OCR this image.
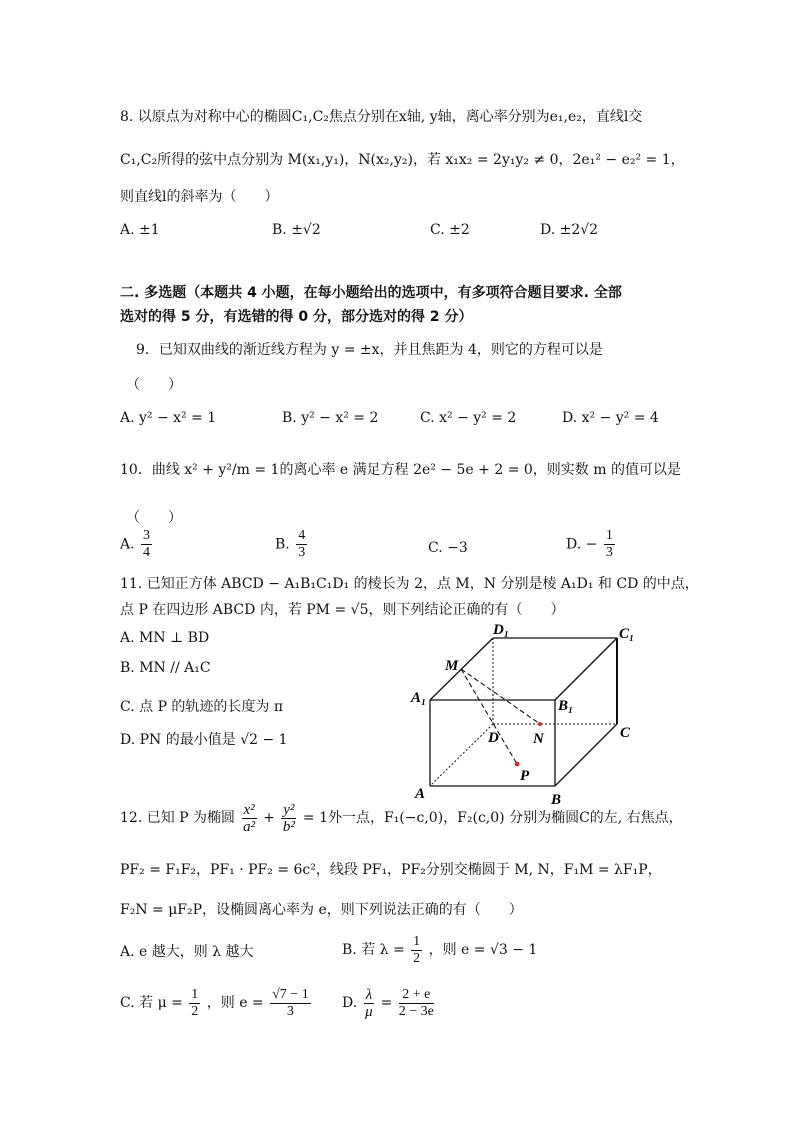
8. 以原点为对称中心的椭圆C₁,C₂焦点分别在x轴, y轴，离心率分别为e₁,e₂，直线l交
C₁,C₂所得的弦中点分别为 M(x₁,y₁)，N(x₂,y₂)，若 x₁x₂ = 2y₁y₂ ≠ 0，2e₁² − e₂² = 1，
则直线l的斜率为（　　）
A. ±1	B. ±√2	C. ±2	D. ±2√2
二. 多选题（本题共 4 小题，在每小题给出的选项中，有多项符合题目要求. 全部
选对的得 5 分，有选错的得 0 分，部分选对的得 2 分）
9．已知双曲线的渐近线方程为 y = ±x，并且焦距为 4，则它的方程可以是
（　　）
A. y² − x² = 1	B. y² − x² = 2	C. x² − y² = 2	D. x² − y² = 4
10．曲线 x² + y²/m = 1的离心率 e 满足方程 2e² − 5e + 2 = 0，则实数 m 的值可以是
（　　）
A. $\frac{3}{4}$	B. $\frac{4}{3}$	C. −3	D. − $\frac{1}{3}$
11. 已知正方体 ABCD − A₁B₁C₁D₁ 的棱长为 2，点 M，N 分别是棱 A₁D₁ 和 CD 的中点，
点 P 在四边形 ABCD 内，若 PM = √5，则下列结论正确的有（　　）
A. MN ⊥ BD
B. MN // A₁C
C. 点 P 的轨迹的长度为 π
D. PN 的最小值是 √2 − 1
D₁	C₁
M
A₁	B₁
D N	C
P
A	B
12. 已知 P 为椭圆 $\frac{\text{x²}}{\text{a²}} + \frac{\text{y²}}{\text{b²}} = 1$外一点，F₁(−c,0)，F₂(c,0) 分别为椭圆C的左, 右焦点，
PF₂ = F₁F₂，PF₁ · PF₂ = 6c²，线段 PF₁，PF₂分别交椭圆于 M, N，F₁M = λF₁P，
F₂N = μF₂P，设椭圆离心率为 e，则下列说法正确的有（　　）
A. e 越大，则 λ 越大	B. 若 $\lambda = \frac{1}{2}$ ，则 e = √3 − 1
C. 若 $\mu = \frac{1}{2}$ ，则 $e = \frac{√7 - 1}{3} D$. $\frac{\lambda}{\mu} = \frac{2 + e}{2 - 3e}$
